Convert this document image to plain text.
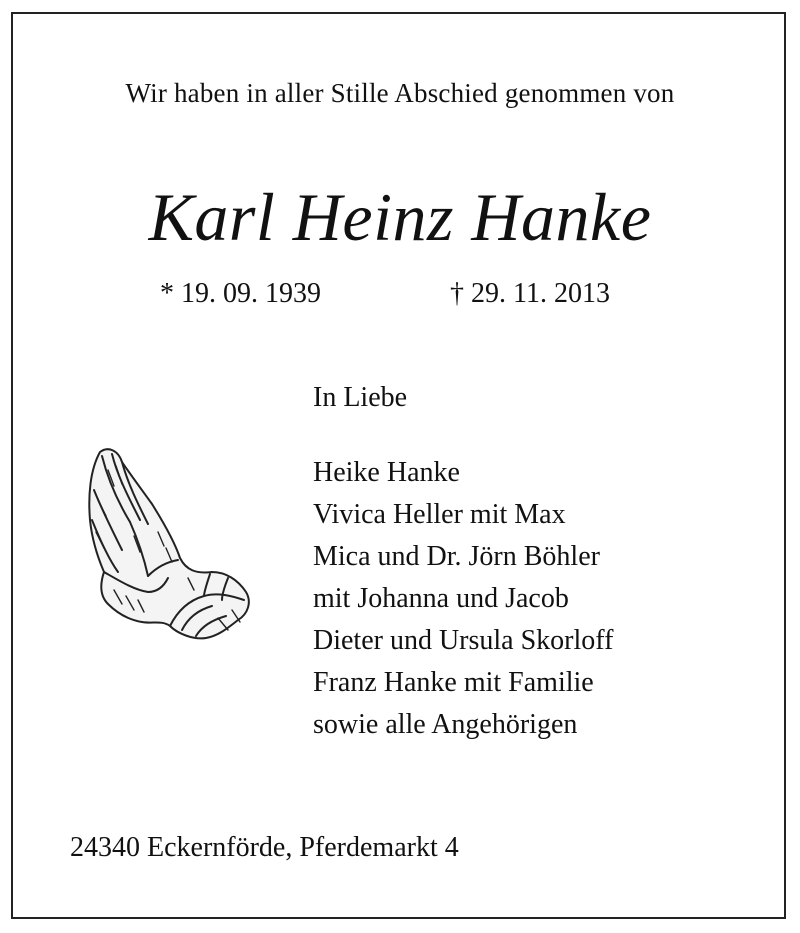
Wir haben in aller Stille Abschied genommen von
Karl Heinz Hanke
* 19. 09. 1939	† 29. 11. 2013
In Liebe
Heike Hanke
Vivica Heller mit Max
Mica und Dr. Jörn Böhler
mit Johanna und Jacob
Dieter und Ursula Skorloff
Franz Hanke mit Familie
sowie alle Angehörigen
24340 Eckernförde, Pferdemarkt 4
